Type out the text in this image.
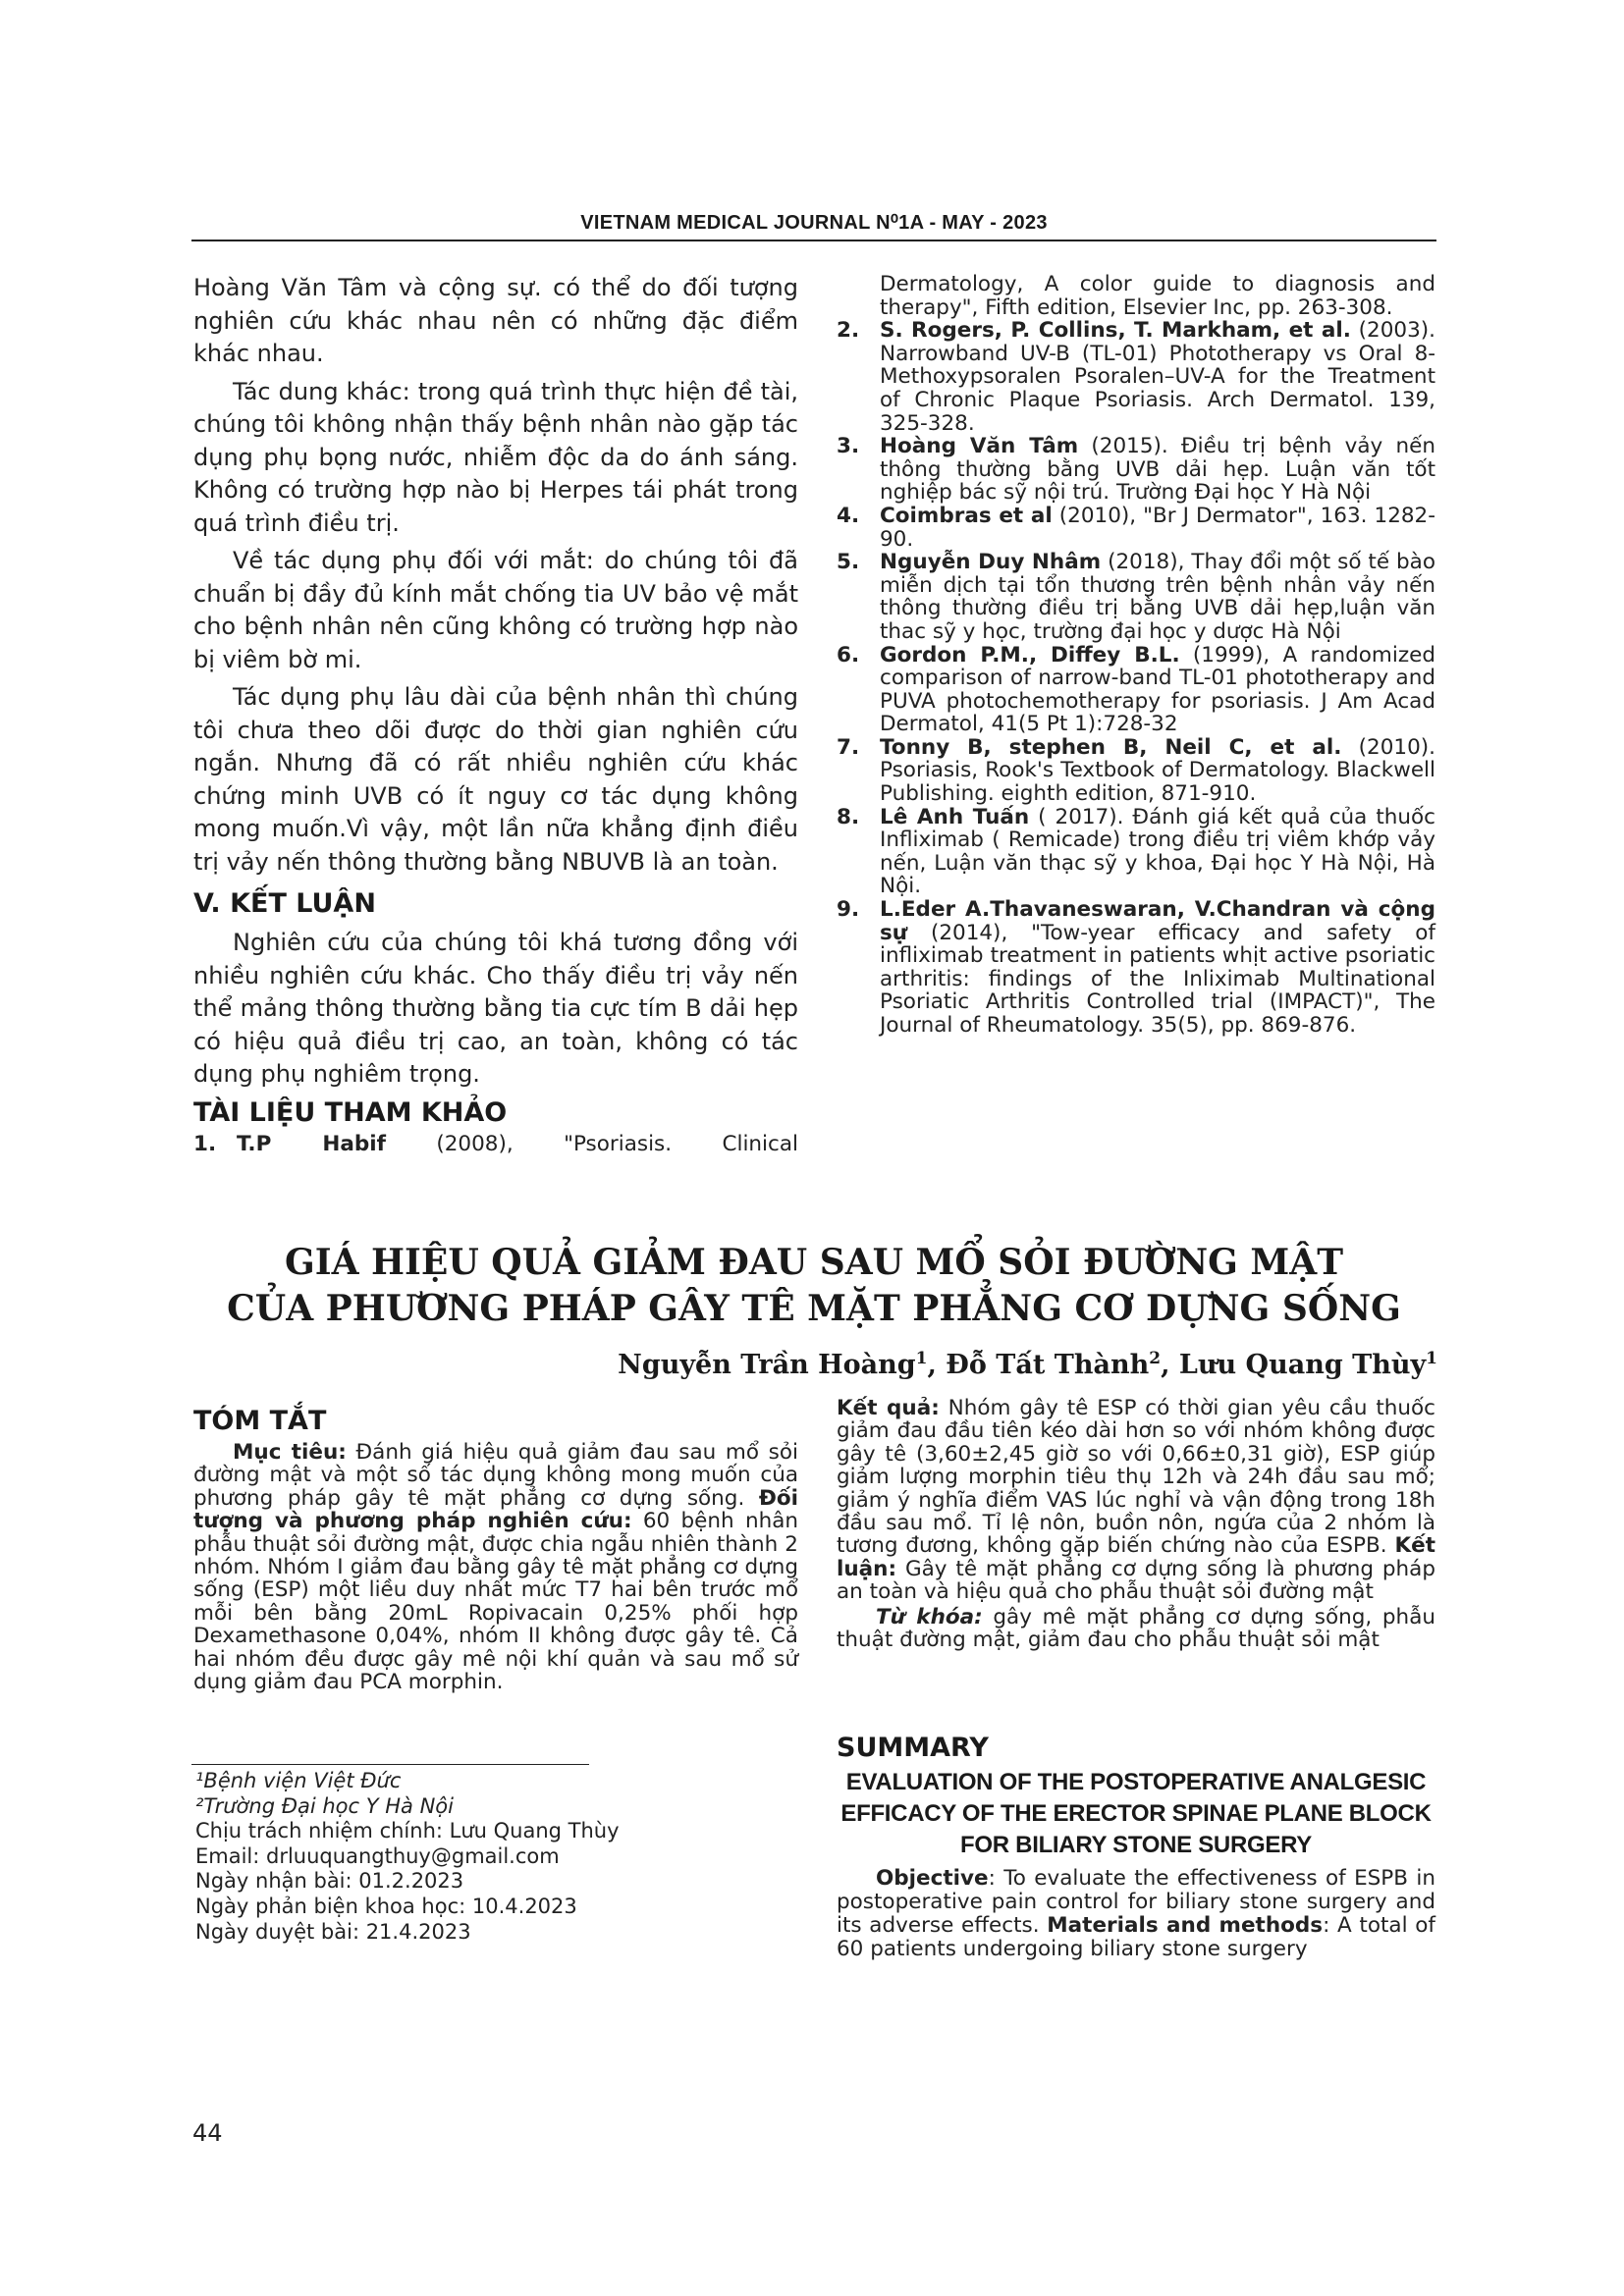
VIETNAM MEDICAL JOURNAL N⁰1A - MAY - 2023

Hoàng Văn Tâm và cộng sự. có thể do đối tượng nghiên cứu khác nhau nên có những đặc điểm khác nhau.

Tác dung khác: trong quá trình thực hiện đề tài, chúng tôi không nhận thấy bệnh nhân nào gặp tác dụng phụ bọng nước, nhiễm độc da do ánh sáng. Không có trường hợp nào bị Herpes tái phát trong quá trình điều trị.

Về tác dụng phụ đối với mắt: do chúng tôi đã chuẩn bị đầy đủ kính mắt chống tia UV bảo vệ mắt cho bệnh nhân nên cũng không có trường hợp nào bị viêm bờ mi.

Tác dụng phụ lâu dài của bệnh nhân thì chúng tôi chưa theo dõi được do thời gian nghiên cứu ngắn. Nhưng đã có rất nhiều nghiên cứu khác chứng minh UVB có ít nguy cơ tác dụng không mong muốn.Vì vậy, một lần nữa khẳng định điều trị vảy nến thông thường bằng NBUVB là an toàn.

V. KẾT LUẬN

Nghiên cứu của chúng tôi khá tương đồng với nhiều nghiên cứu khác. Cho thấy điều trị vảy nến thể mảng thông thường bằng tia cực tím B dải hẹp có hiệu quả điều trị cao, an toàn, không có tác dụng phụ nghiêm trọng.

TÀI LIỆU THAM KHẢO
1. T.P Habif (2008), "Psoriasis. Clinical
Dermatology, A color guide to diagnosis and therapy", Fifth edition, Elsevier Inc, pp. 263-308.
2. S. Rogers, P. Collins, T. Markham, et al. (2003). Narrowband UV-B (TL-01) Phototherapy vs Oral 8-Methoxypsoralen Psoralen–UV-A for the Treatment of Chronic Plaque Psoriasis. Arch Dermatol. 139, 325-328.
3. Hoàng Văn Tâm (2015). Điều trị bệnh vảy nến thông thường bằng UVB dải hẹp. Luận văn tốt nghiệp bác sỹ nội trú. Trường Đại học Y Hà Nội
4. Coimbras et al (2010), "Br J Dermator", 163. 1282-90.
5. Nguyễn Duy Nhâm (2018), Thay đổi một số tế bào miễn dịch tại tổn thương trên bệnh nhân vảy nến thông thường điều trị bằng UVB dải hẹp,luận văn thac sỹ y học, trường đại học y dược Hà Nội
6. Gordon P.M., Diffey B.L. (1999), A randomized comparison of narrow-band TL-01 phototherapy and PUVA photochemotherapy for psoriasis. J Am Acad Dermatol, 41(5 Pt 1):728-32
7. Tonny B, stephen B, Neil C, et al. (2010). Psoriasis, Rook's Textbook of Dermatology. Blackwell Publishing. eighth edition, 871-910.
8. Lê Anh Tuấn ( 2017). Đánh giá kết quả của thuốc Infliximab ( Remicade) trong điều trị viêm khớp vảy nến, Luận văn thạc sỹ y khoa, Đại học Y Hà Nội, Hà Nội.
9. L.Eder A.Thavaneswaran, V.Chandran và cộng sự (2014), "Tow-year efficacy and safety of infliximab treatment in patients whịt active psoriatic arthritis: findings of the Inliximab Multinational Psoriatic Arthritis Controlled trial (IMPACT)", The Journal of Rheumatology. 35(5), pp. 869-876.
GIÁ HIỆU QUẢ GIẢM ĐAU SAU MỔ SỎI ĐƯỜNG MẬT
CỦA PHƯƠNG PHÁP GÂY TÊ MẶT PHẲNG CƠ DỰNG SỐNG
Nguyễn Trần Hoàng$^1$, Đỗ Tất Thành$^2$, Lưu Quang Thùy$^1$
TÓM TẮT

Mục tiêu: Đánh giá hiệu quả giảm đau sau mổ sỏi đường mật và một số tác dụng không mong muốn của phương pháp gây tê mặt phẳng cơ dựng sống. Đối tượng và phương pháp nghiên cứu: 60 bệnh nhân phẫu thuật sỏi đường mật, được chia ngẫu nhiên thành 2 nhóm. Nhóm I giảm đau bằng gây tê mặt phẳng cơ dựng sống (ESP) một liều duy nhất mức T7 hai bên trước mổ mỗi bên bằng 20mL Ropivacain 0,25% phối hợp Dexamethasone 0,04%, nhóm II không được gây tê. Cả hai nhóm đều được gây mê nội khí quản và sau mổ sử dụng giảm đau PCA morphin.

¹Bệnh viện Việt Đức
²Trường Đại học Y Hà Nội
Chịu trách nhiệm chính: Lưu Quang Thùy
Email: drluuquangthuy@gmail.com
Ngày nhận bài: 01.2.2023
Ngày phản biện khoa học: 10.4.2023
Ngày duyệt bài: 21.4.2023

Kết quả: Nhóm gây tê ESP có thời gian yêu cầu thuốc giảm đau đầu tiên kéo dài hơn so với nhóm không được gây tê (3,60±2,45 giờ so với 0,66±0,31 giờ), ESP giúp giảm lượng morphin tiêu thụ 12h và 24h đầu sau mổ; giảm ý nghĩa điểm VAS lúc nghỉ và vận động trong 18h đầu sau mổ. Tỉ lệ nôn, buồn nôn, ngứa của 2 nhóm là tương đương, không gặp biến chứng nào của ESPB. Kết luận: Gây tê mặt phẳng cơ dựng sống là phương pháp an toàn và hiệu quả cho phẫu thuật sỏi đường mật

Từ khóa: gây mê mặt phẳng cơ dựng sống, phẫu thuật đường mật, giảm đau cho phẫu thuật sỏi mật

SUMMARY
EVALUATION OF THE POSTOPERATIVE ANALGESIC EFFICACY OF THE ERECTOR SPINAE PLANE BLOCK FOR BILIARY STONE SURGERY

Objective: To evaluate the effectiveness of ESPB in postoperative pain control for biliary stone surgery and its adverse effects. Materials and methods: A total of 60 patients undergoing biliary stone surgery

44
